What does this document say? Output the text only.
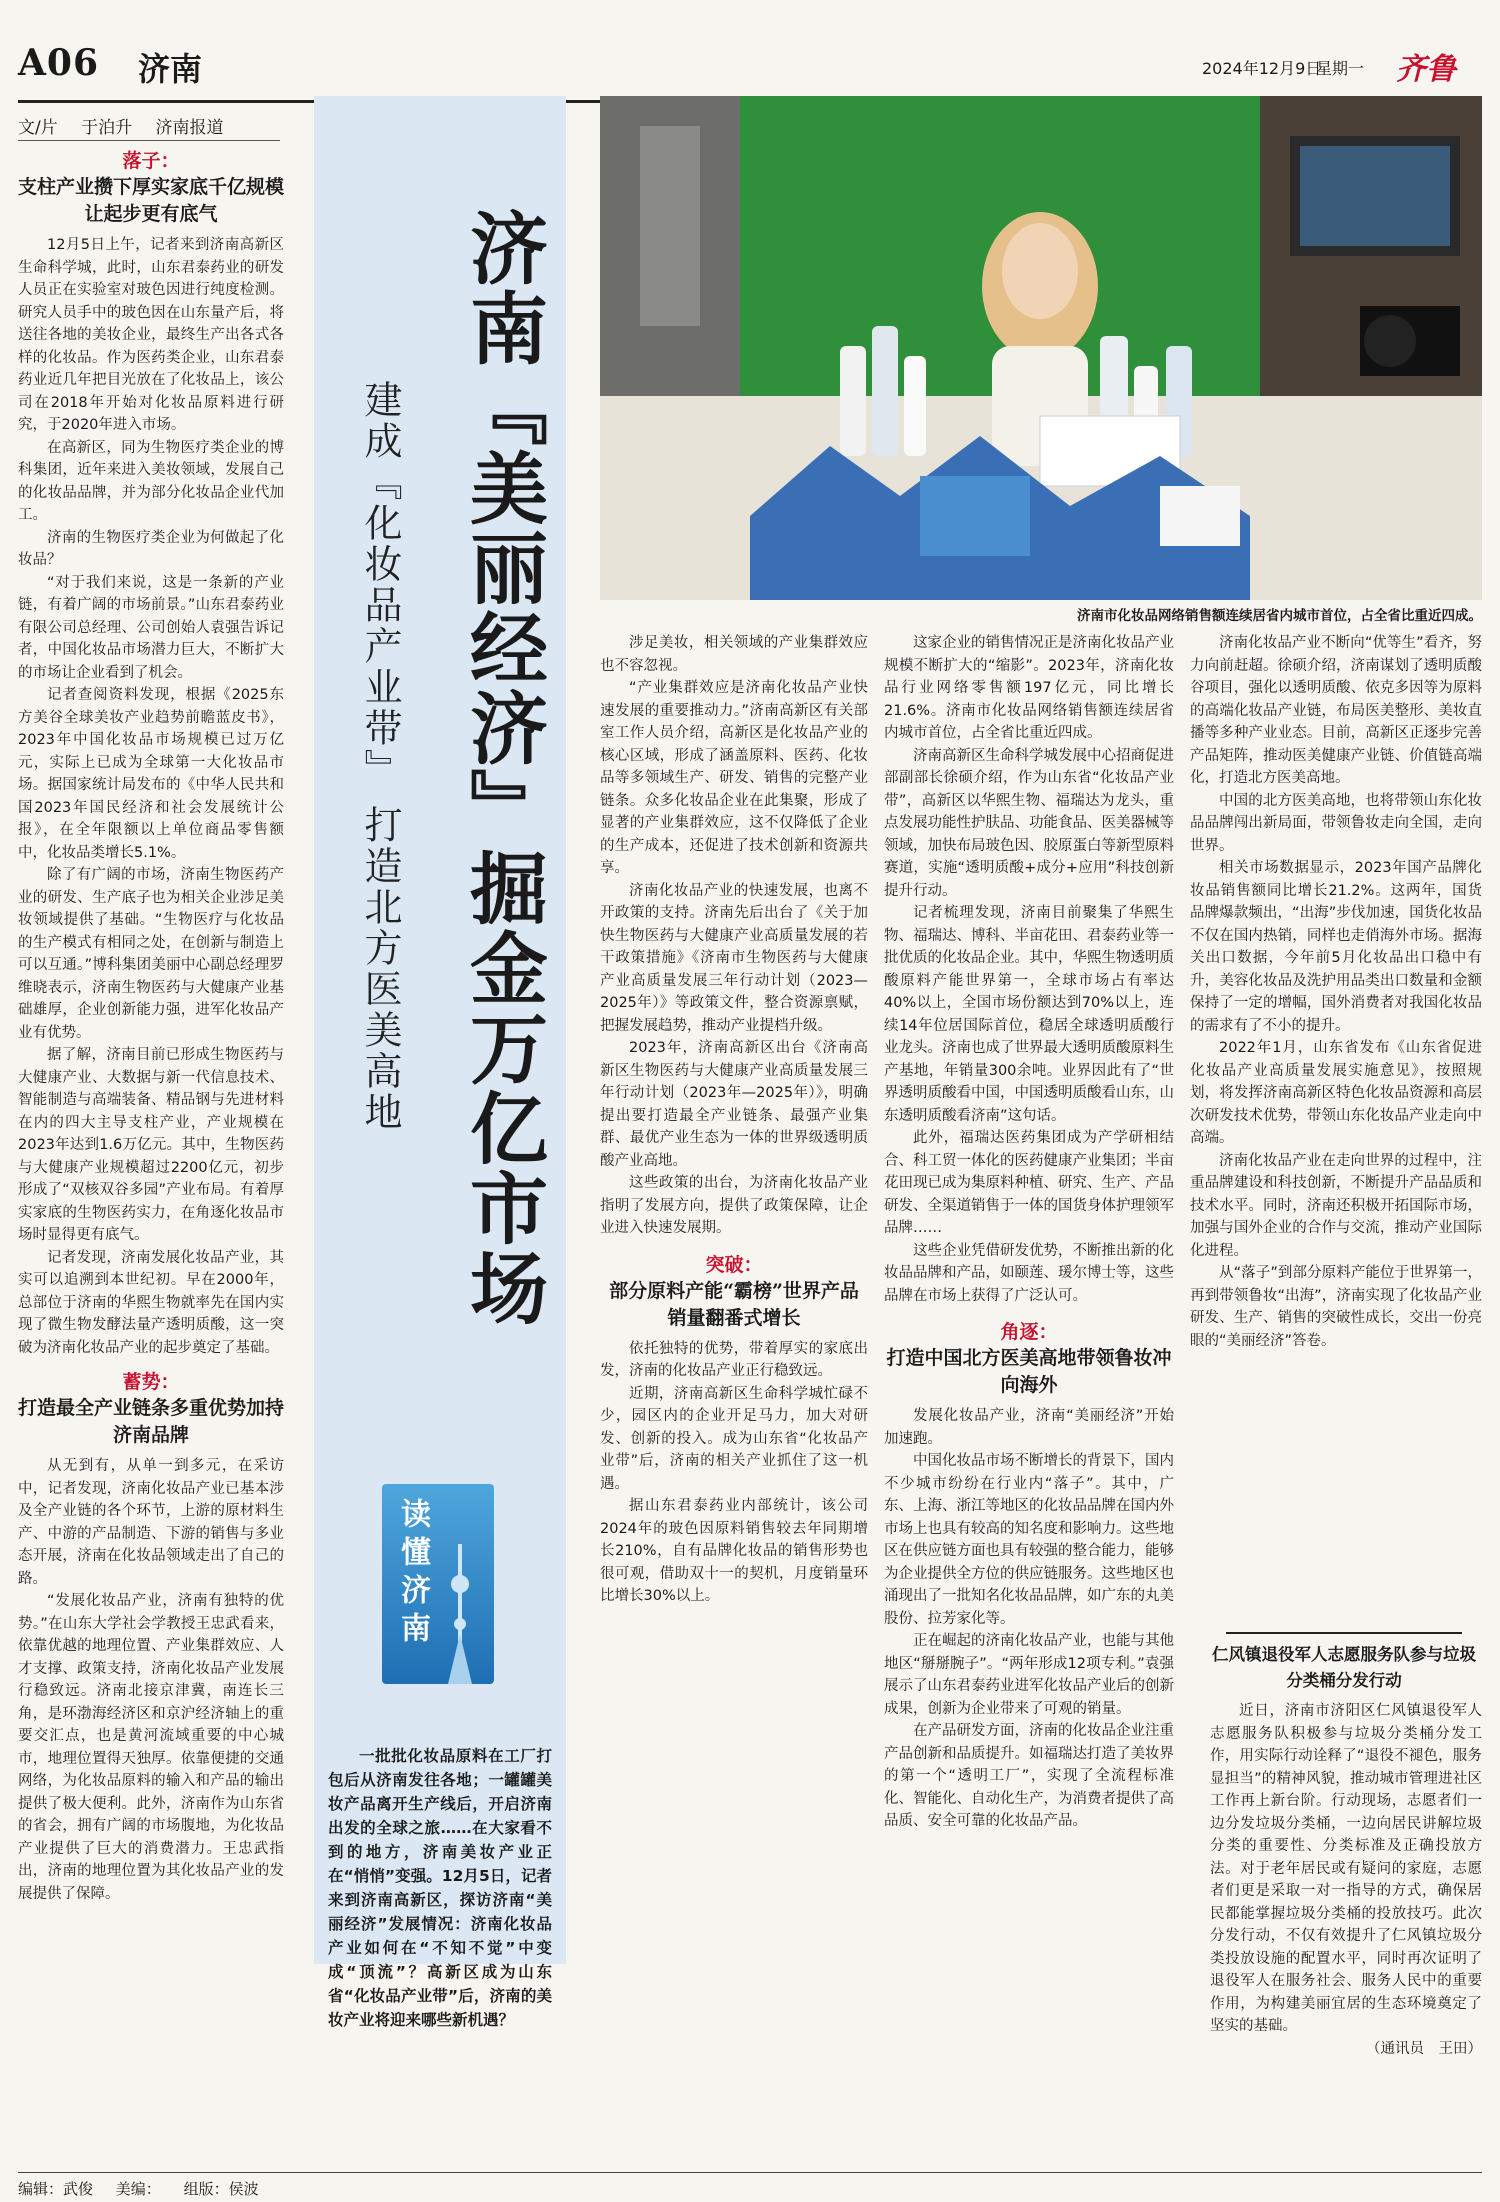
A06 济南	2024年12月9日
星期一 齐鲁
文/片 于泊升 济南报道
落子：
支柱产业攒下厚实家底千亿规模让起步更有底气

12月5日上午，记者来到济南高新区生命科学城，此时，山东君泰药业的研发人员正在实验室对玻色因进行纯度检测。研究人员手中的玻色因在山东量产后，将送往各地的美妆企业，最终生产出各式各样的化妆品。作为医药类企业，山东君泰药业近几年把目光放在了化妆品上，该公司在2018年开始对化妆品原料进行研究，于2020年进入市场。

在高新区，同为生物医疗类企业的博科集团，近年来进入美妆领域，发展自己的化妆品品牌，并为部分化妆品企业代加工。

济南的生物医疗类企业为何做起了化妆品？

“对于我们来说，这是一条新的产业链，有着广阔的市场前景。”山东君泰药业有限公司总经理、公司创始人袁强告诉记者，中国化妆品市场潜力巨大，不断扩大的市场让企业看到了机会。

记者查阅资料发现，根据《2025东方美谷全球美妆产业趋势前瞻蓝皮书》，2023年中国化妆品市场规模已过万亿元，实际上已成为全球第一大化妆品市场。据国家统计局发布的《中华人民共和国2023年国民经济和社会发展统计公报》，在全年限额以上单位商品零售额中，化妆品类增长5.1%。

除了有广阔的市场，济南生物医药产业的研发、生产底子也为相关企业涉足美妆领域提供了基础。“生物医疗与化妆品的生产模式有相同之处，在创新与制造上可以互通。”博科集团美丽中心副总经理罗维晓表示，济南生物医药与大健康产业基础雄厚，企业创新能力强，进军化妆品产业有优势。

据了解，济南目前已形成生物医药与大健康产业、大数据与新一代信息技术、智能制造与高端装备、精品钢与先进材料在内的四大主导支柱产业，产业规模在2023年达到1.6万亿元。其中，生物医药与大健康产业规模超过2200亿元，初步形成了“双核双谷多园”产业布局。有着厚实家底的生物医药实力，在角逐化妆品市场时显得更有底气。

记者发现，济南发展化妆品产业，其实可以追溯到本世纪初。早在2000年，总部位于济南的华熙生物就率先在国内实现了微生物发酵法量产透明质酸，这一突破为济南化妆品产业的起步奠定了基础。

蓄势：
打造最全产业链条多重优势加持济南品牌

从无到有，从单一到多元，在采访中，记者发现，济南化妆品产业已基本涉及全产业链的各个环节，上游的原材料生产、中游的产品制造、下游的销售与多业态开展，济南在化妆品领域走出了自己的路。

“发展化妆品产业，济南有独特的优势。”在山东大学社会学教授王忠武看来，依靠优越的地理位置、产业集群效应、人才支撑、政策支持，济南化妆品产业发展行稳致远。济南北接京津冀，南连长三角，是环渤海经济区和京沪经济轴上的重要交汇点，也是黄河流域重要的中心城市，地理位置得天独厚。依靠便捷的交通网络，为化妆品原料的输入和产品的输出提供了极大便利。此外，济南作为山东省的省会，拥有广阔的市场腹地，为化妆品产业提供了巨大的消费潜力。王忠武指出，济南的地理位置为其化妆品产业的发展提供了保障。

济南『美丽经济』掘金万亿市场
建成『化妆品产业带』 打造北方医美高地
读懂济南

一批批化妆品原料在工厂打包后从济南发往各地；一罐罐美妆产品离开生产线后，开启济南出发的全球之旅……在大家看不到的地方，济南美妆产业正在“悄悄”变强。12月5日，记者来到济南高新区，探访济南“美丽经济”发展情况：济南化妆品产业如何在“不知不觉”中变成“顶流”？高新区成为山东省“化妆品产业带”后，济南的美妆产业将迎来哪些新机遇？

济南市化妆品网络销售额连续居省内城市首位，占全省比重近四成。

涉足美妆，相关领域的产业集群效应也不容忽视。

“产业集群效应是济南化妆品产业快速发展的重要推动力。”济南高新区有关部室工作人员介绍，高新区是化妆品产业的核心区域，形成了涵盖原料、医药、化妆品等多领域生产、研发、销售的完整产业链条。众多化妆品企业在此集聚，形成了显著的产业集群效应，这不仅降低了企业的生产成本，还促进了技术创新和资源共享。

济南化妆品产业的快速发展，也离不开政策的支持。济南先后出台了《关于加快生物医药与大健康产业高质量发展的若干政策措施》《济南市生物医药与大健康产业高质量发展三年行动计划（2023—2025年）》等政策文件，整合资源禀赋，把握发展趋势，推动产业提档升级。

2023年，济南高新区出台《济南高新区生物医药与大健康产业高质量发展三年行动计划（2023年—2025年）》，明确提出要打造最全产业链条、最强产业集群、最优产业生态为一体的世界级透明质酸产业高地。

这些政策的出台，为济南化妆品产业指明了发展方向，提供了政策保障，让企业进入快速发展期。

突破：
部分原料产能“霸榜”世界产品销量翻番式增长

依托独特的优势，带着厚实的家底出发，济南的化妆品产业正行稳致远。

近期，济南高新区生命科学城忙碌不少，园区内的企业开足马力，加大对研发、创新的投入。成为山东省“化妆品产业带”后，济南的相关产业抓住了这一机遇。

据山东君泰药业内部统计，该公司2024年的玻色因原料销售较去年同期增长210%，自有品牌化妆品的销售形势也很可观，借助双十一的契机，月度销量环比增长30%以上。

这家企业的销售情况正是济南化妆品产业规模不断扩大的“缩影”。2023年，济南化妆品行业网络零售额197亿元，同比增长21.6%。济南市化妆品网络销售额连续居省内城市首位，占全省比重近四成。

济南高新区生命科学城发展中心招商促进部副部长徐硕介绍，作为山东省“化妆品产业带”，高新区以华熙生物、福瑞达为龙头，重点发展功能性护肤品、功能食品、医美器械等领域，加快布局玻色因、胶原蛋白等新型原料赛道，实施“透明质酸+成分+应用”科技创新提升行动。

记者梳理发现，济南目前聚集了华熙生物、福瑞达、博科、半亩花田、君泰药业等一批优质的化妆品企业。其中，华熙生物透明质酸原料产能世界第一，全球市场占有率达40%以上，全国市场份额达到70%以上，连续14年位居国际首位，稳居全球透明质酸行业龙头。济南也成了世界最大透明质酸原料生产基地，年销量300余吨。业界因此有了“世界透明质酸看中国，中国透明质酸看山东，山东透明质酸看济南”这句话。

此外，福瑞达医药集团成为产学研相结合、科工贸一体化的医药健康产业集团；半亩花田现已成为集原料种植、研究、生产、产品研发、全渠道销售于一体的国货身体护理领军品牌……

这些企业凭借研发优势，不断推出新的化妆品品牌和产品，如颐莲、瑗尔博士等，这些品牌在市场上获得了广泛认可。

角逐：
打造中国北方医美高地带领鲁妆冲向海外

发展化妆品产业，济南“美丽经济”开始加速跑。

中国化妆品市场不断增长的背景下，国内不少城市纷纷在行业内“落子”。其中，广东、上海、浙江等地区的化妆品品牌在国内外市场上也具有较高的知名度和影响力。这些地区在供应链方面也具有较强的整合能力，能够为企业提供全方位的供应链服务。这些地区也涌现出了一批知名化妆品品牌，如广东的丸美股份、拉芳家化等。

正在崛起的济南化妆品产业，也能与其他地区“掰掰腕子”。“两年形成12项专利。”袁强展示了山东君泰药业进军化妆品产业后的创新成果，创新为企业带来了可观的销量。

在产品研发方面，济南的化妆品企业注重产品创新和品质提升。如福瑞达打造了美妆界的第一个“透明工厂”，实现了全流程标准化、智能化、自动化生产，为消费者提供了高品质、安全可靠的化妆品产品。

济南化妆品产业不断向“优等生”看齐，努力向前赶超。徐硕介绍，济南谋划了透明质酸谷项目，强化以透明质酸、依克多因等为原料的高端化妆品产业链，布局医美整形、美妆直播等多种产业业态。目前，高新区正逐步完善产品矩阵，推动医美健康产业链、价值链高端化，打造北方医美高地。

中国的北方医美高地，也将带领山东化妆品品牌闯出新局面，带领鲁妆走向全国，走向世界。

相关市场数据显示，2023年国产品牌化妆品销售额同比增长21.2%。这两年，国货品牌爆款频出，“出海”步伐加速，国货化妆品不仅在国内热销，同样也走俏海外市场。据海关出口数据，今年前5月化妆品出口稳中有升，美容化妆品及洗护用品类出口数量和金额保持了一定的增幅，国外消费者对我国化妆品的需求有了不小的提升。

2022年1月，山东省发布《山东省促进化妆品产业高质量发展实施意见》，按照规划，将发挥济南高新区特色化妆品资源和高层次研发技术优势，带领山东化妆品产业走向中高端。

济南化妆品产业在走向世界的过程中，注重品牌建设和科技创新，不断提升产品品质和技术水平。同时，济南还积极开拓国际市场，加强与国外企业的合作与交流，推动产业国际化进程。

从“落子”到部分原料产能位于世界第一，再到带领鲁妆“出海”，济南实现了化妆品产业研发、生产、销售的突破性成长，交出一份亮眼的“美丽经济”答卷。

仁风镇退役军人志愿服务队参与垃圾分类桶分发行动

近日，济南市济阳区仁风镇退役军人志愿服务队积极参与垃圾分类桶分发工作，用实际行动诠释了“退役不褪色，服务显担当”的精神风貌，推动城市管理进社区工作再上新台阶。行动现场，志愿者们一边分发垃圾分类桶，一边向居民讲解垃圾分类的重要性、分类标准及正确投放方法。对于老年居民或有疑问的家庭，志愿者们更是采取一对一指导的方式，确保居民都能掌握垃圾分类桶的投放技巧。此次分发行动，不仅有效提升了仁风镇垃圾分类投放设施的配置水平，同时再次证明了退役军人在服务社会、服务人民中的重要作用，为构建美丽宜居的生态环境奠定了坚实的基础。

（通讯员　王田）
编辑：武俊 美编： 组版：侯波
